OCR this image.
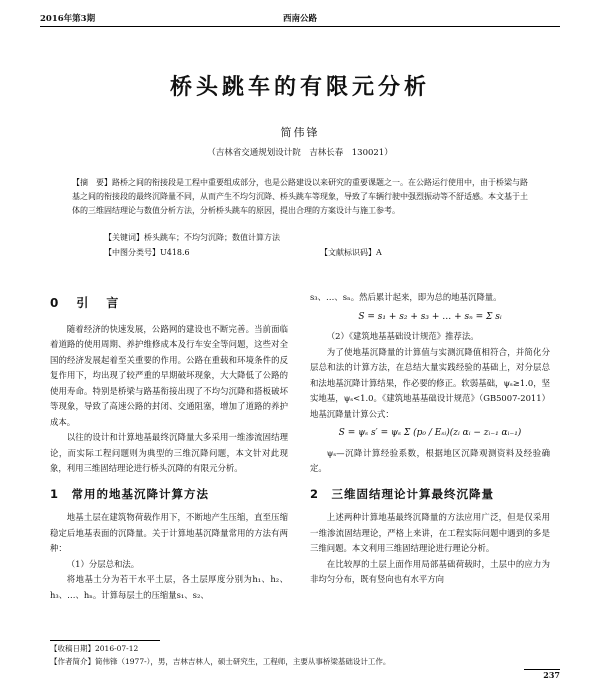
2016年第3期	西南公路
桥头跳车的有限元分析
简伟锋
（吉林省交通规划设计院　吉林长春　130021）
【摘　要】路桥之间的衔接段是工程中重要组成部分，也是公路建设以来研究的重要课题之一。在公路运行使用中，由于桥梁与路基之间的衔接段的最终沉降量不同，从而产生不均匀沉降、桥头跳车等现象，导致了车辆行驶中强烈振动等不舒适感。本文基于土体的三维固结理论与数值分析方法，分析桥头跳车的原因，提出合理的方案设计与施工参考。
【关键词】桥头跳车；不均匀沉降；数值计算方法
【中图分类号】U418.6	【文献标识码】A
0　引　言

随着经济的快速发展，公路网的建设也不断完善。当前面临着道路的使用周期、养护维修成本及行车安全等问题，这些对全国的经济发展起着至关重要的作用。公路在重载和环境条件的反复作用下，均出现了较严重的早期破坏现象，大大降低了公路的使用寿命。特别是桥梁与路基衔接出现了不均匀沉降和搭板破坏等现象，导致了高速公路的封闭、交通阻塞，增加了道路的养护成本。

以往的设计和计算地基最终沉降量大多采用一维渗流固结理论，而实际工程问题则为典型的三维沉降问题，本文针对此现象，利用三维固结理论进行桥头沉降的有限元分析。

1　常用的地基沉降计算方法

地基土层在建筑物荷载作用下，不断地产生压缩，直至压缩稳定后地基表面的沉降量。关于计算地基沉降量常用的方法有两种：

（1）分层总和法。

将地基土分为若干水平土层，各土层厚度分别为h₁、h₂、h₃、…、hₙ。计算每层土的压缩量s₁、s₂、

s₃、…、sₙ。然后累计起来，即为总的地基沉降量。

S = s₁ + s₂ + s₃ + … + sₙ = Σ sᵢ

（2）《建筑地基基础设计规范》推荐法。

为了使地基沉降量的计算值与实测沉降值相符合，并简化分层总和法的计算方法，在总结大量实践经验的基础上，对分层总和法地基沉降计算结果，作必要的修正。软弱基础，ψₛ≥1.0，坚实地基，ψₛ<1.0。《建筑地基基础设计规范》（GB5007-2011）地基沉降量计算公式：

S = ψₛ s′ = ψₛ Σ (p₀ / Eₛᵢ)(zᵢ αᵢ − zᵢ₋₁ αᵢ₋₁)

ψₛ—沉降计算经验系数，根据地区沉降观测资料及经验确定。

2　三维固结理论计算最终沉降量

上述两种计算地基最终沉降量的方法应用广泛，但是仅采用一维渗流固结理论，严格上来讲，在工程实际问题中遇到的多是三维问题。本文利用三维固结理论进行理论分析。

在比较厚的土层上面作用局部基础荷载时，土层中的应力为非均匀分布，既有竖向也有水平方向

【收稿日期】2016-07-12
【作者简介】简伟锋（1977-），男，吉林吉林人，硕士研究生，工程师，主要从事桥梁基础设计工作。
237
